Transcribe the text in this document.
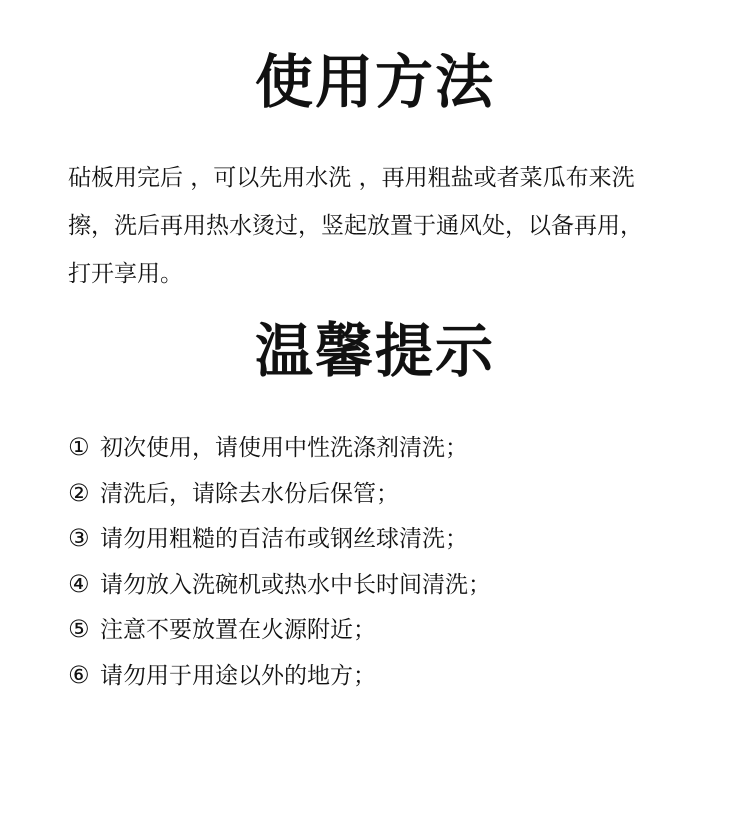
使用方法

砧板用完后 ，可以先用水洗 ，再用粗盐或者菜瓜布来洗
擦，洗后再用热水烫过，竖起放置于通风处，以备再用，
打开享用。

温馨提示
① 初次使用，请使用中性洗涤剂清洗；
② 清洗后，请除去水份后保管；
③ 请勿用粗糙的百洁布或钢丝球清洗；
④ 请勿放入洗碗机或热水中长时间清洗；
⑤ 注意不要放置在火源附近；
⑥ 请勿用于用途以外的地方；
